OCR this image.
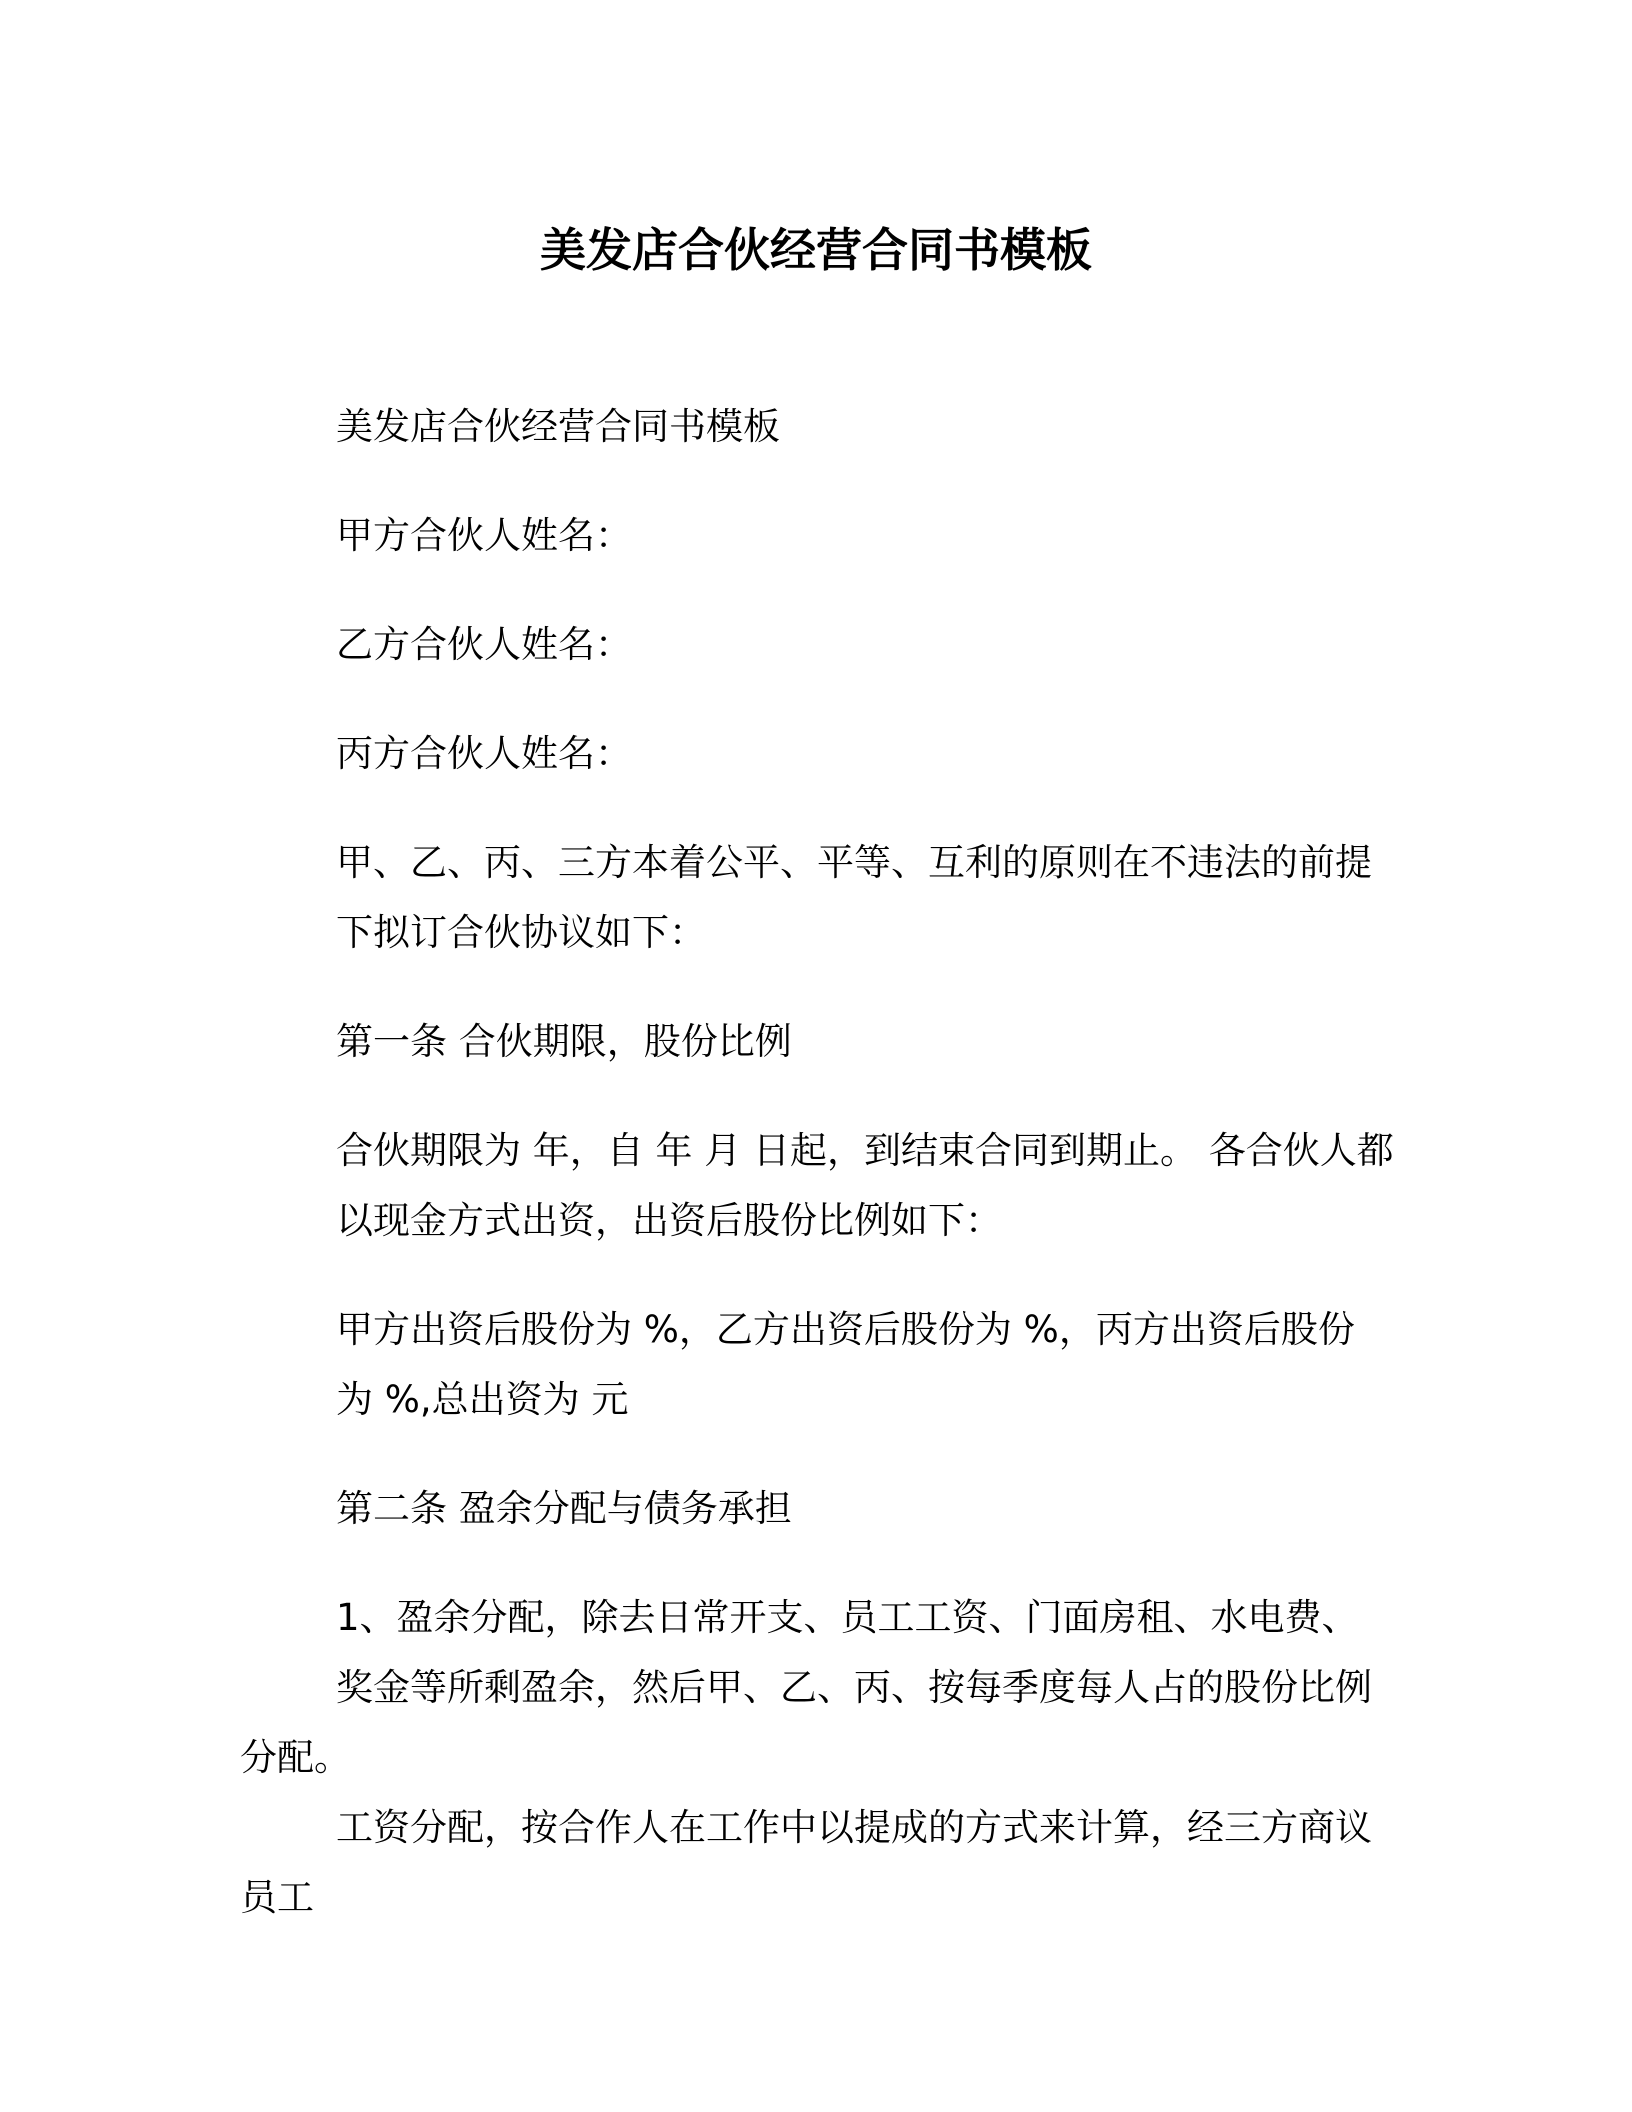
美发店合伙经营合同书模板

美发店合伙经营合同书模板

甲方合伙人姓名：

乙方合伙人姓名：

丙方合伙人姓名：

甲、乙、丙、三方本着公平、平等、互利的原则在不违法的前提
下拟订合伙协议如下：

第一条 合伙期限，股份比例

合伙期限为 年，自 年 月 日起，到结束合同到期止。 各合伙人都
以现金方式出资，出资后股份比例如下：

甲方出资后股份为 %，乙方出资后股份为 %，丙方出资后股份
为 %,总出资为 元

第二条 盈余分配与债务承担

1、盈余分配，除去日常开支、员工工资、门面房租、水电费、
奖金等所剩盈余，然后甲、乙、丙、按每季度每人占的股份比例分配。
工资分配，按合作人在工作中以提成的方式来计算，经三方商议员工
